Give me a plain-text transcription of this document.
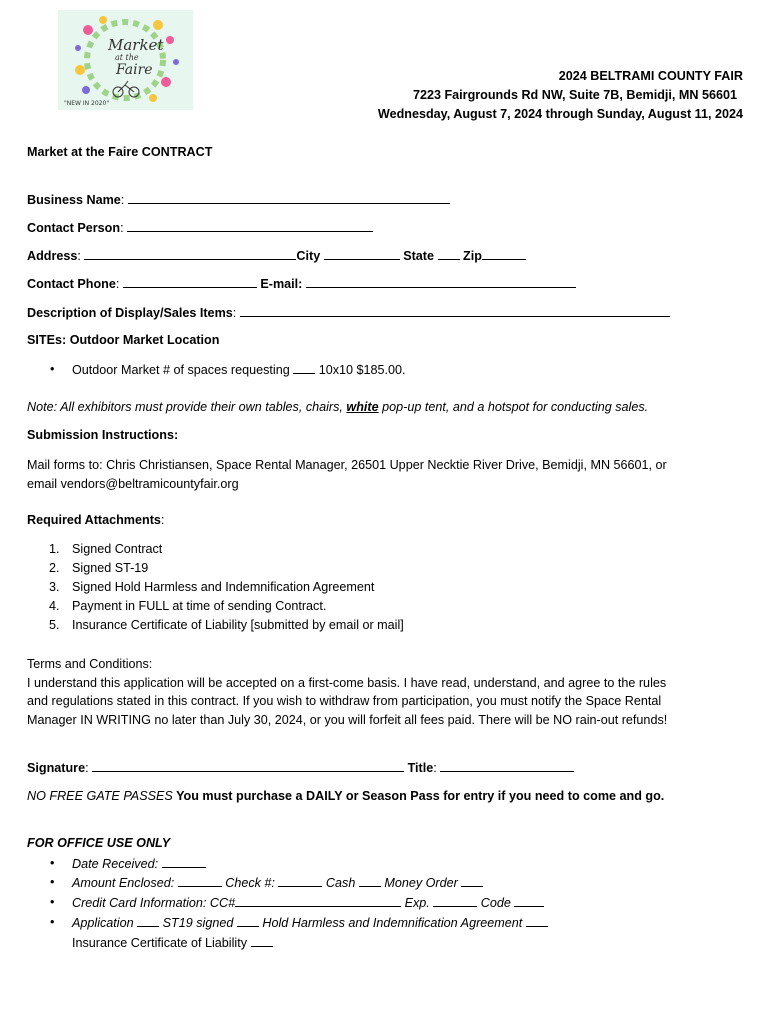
Market
at the
Faire
"NEW IN 2020"
2024 BELTRAMI COUNTY FAIR
7223 Fairgrounds Rd NW, Suite 7B, Bemidji, MN 56601
Wednesday, August 7, 2024 through Sunday, August 11, 2024
Market at the Faire CONTRACT
Business Name:
Contact Person:
Address:	City	State Zip
Contact Phone:	E-mail:
Description of Display/Sales Items:
SITEs: Outdoor Market Location
• Outdoor Market # of spaces requesting 10x10 $185.00.
Note: All exhibitors must provide their own tables, chairs, white pop-up tent, and a hotspot for conducting sales.
Submission Instructions:
Mail forms to: Chris Christiansen, Space Rental Manager, 26501 Upper Necktie River Drive, Bemidji, MN 56601, or
email vendors@beltramicountyfair.org
Required Attachments:
1. Signed Contract
2. Signed ST-19
3. Signed Hold Harmless and Indemnification Agreement
4. Payment in FULL at time of sending Contract.
5. Insurance Certificate of Liability [submitted by email or mail]
Terms and Conditions:
I understand this application will be accepted on a first-come basis. I have read, understand, and agree to the rules
and regulations stated in this contract. If you wish to withdraw from participation, you must notify the Space Rental
Manager IN WRITING no later than July 30, 2024, or you will forfeit all fees paid. There will be NO rain-out refunds!
Signature:	Title:
NO FREE GATE PASSES You must purchase a DAILY or Season Pass for entry if you need to come and go.
FOR OFFICE USE ONLY
• Date Received:
• Amount Enclosed:	Check #:	Cash Money Order
• Credit Card Information: CC#	Exp.	Code
• Application ST19 signed Hold Harmless and Indemnification Agreement
Insurance Certificate of Liability
